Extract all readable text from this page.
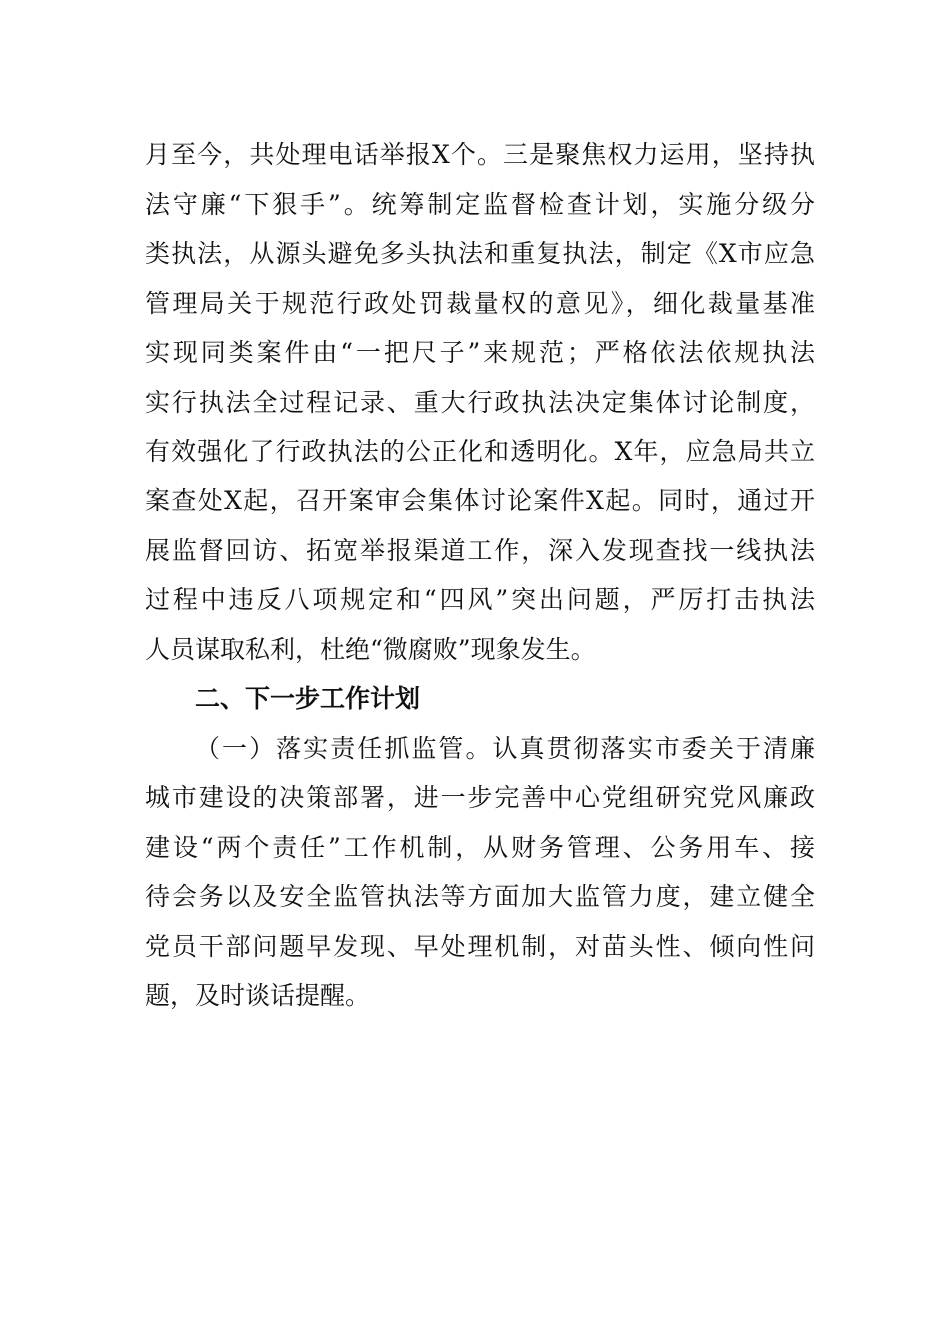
月至今，共处理电话举报X个。三是聚焦权力运用，坚持执
法守廉“下狠手”。统筹制定监督检查计划，实施分级分
类执法，从源头避免多头执法和重复执法，制定《X市应急
管理局关于规范行政处罚裁量权的意见》，细化裁量基准
实现同类案件由“一把尺子”来规范；严格依法依规执法
实行执法全过程记录、重大行政执法决定集体讨论制度，
有效强化了行政执法的公正化和透明化。X年，应急局共立
案查处X起，召开案审会集体讨论案件X起。同时，通过开
展监督回访、拓宽举报渠道工作，深入发现查找一线执法
过程中违反八项规定和“四风”突出问题，严厉打击执法
人员谋取私利，杜绝“微腐败”现象发生。
二、下一步工作计划
（一）落实责任抓监管。认真贯彻落实市委关于清廉
城市建设的决策部署，进一步完善中心党组研究党风廉政
建设“两个责任”工作机制，从财务管理、公务用车、接
待会务以及安全监管执法等方面加大监管力度，建立健全
党员干部问题早发现、早处理机制，对苗头性、倾向性问
题，及时谈话提醒。
